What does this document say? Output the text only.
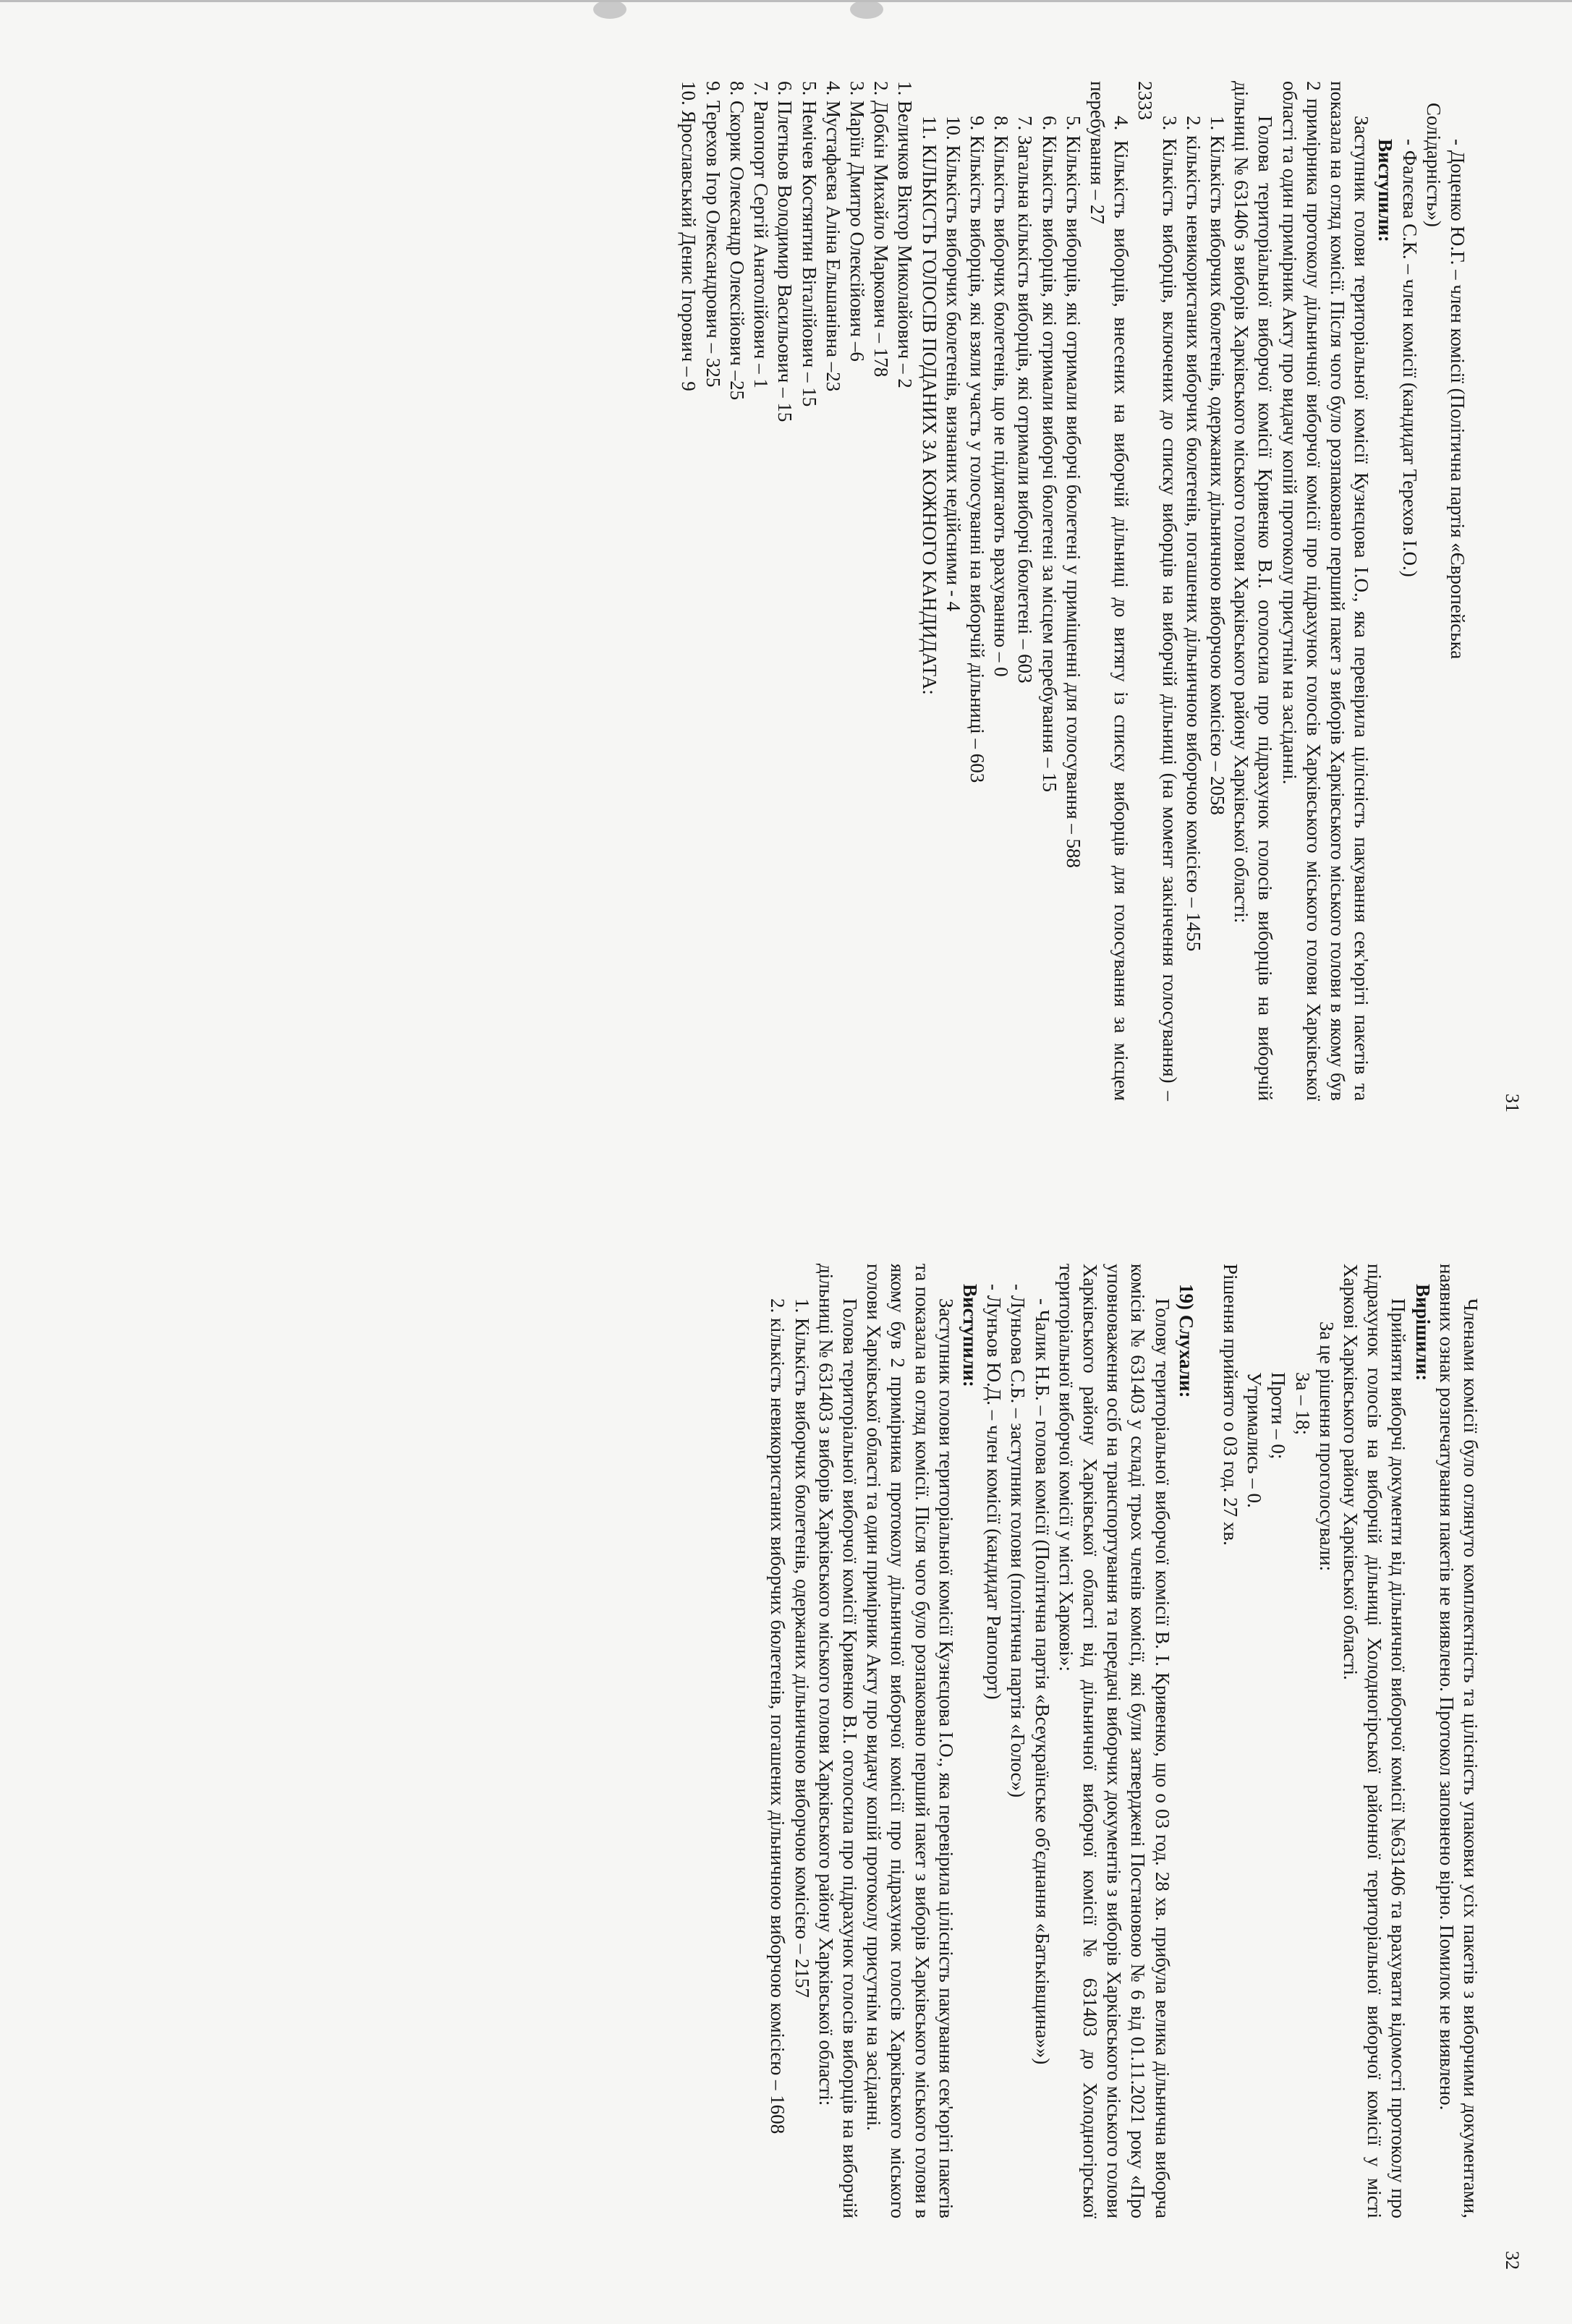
31

- Доценко Ю.Г. – член комісії (Політична партія «Європейська

Солідарність»)

- Фалєєва С.К. – член комісії (кандидат Терехов І.О.)

Виступили:

Заступник голови територіальної комісії Кузнєцова І.О., яка перевірила цілісність пакування сек'юріті пакетів та показала на огляд комісії. Після чого було розпаковано перший пакет з виборів Харківського міського голови в якому був 2 примірника протоколу дільничної виборчої комісії про підрахунок голосів Харківського міського голови Харківської області та один примірник Акту про видачу копій протоколу присутнім на засіданні.

Голова територіальної виборчої комісії Кривенко В.І. оголосила про підрахунок голосів виборців на виборчій дільниці № 631406 з виборів Харківського міського голови Харківського району Харківської області:

1. Кількість виборчих бюлетенів, одержаних дільничною виборчою комісією – 2058

2. кількість невикористаних виборчих бюлетенів, погашених дільничною виборчою комісією – 1455

3. Кількість виборців, включених до списку виборців на виборчій дільниці (на момент закінчення голосування) – 2333

4. Кількість виборців, внесених на виборчій дільниці до витягу із списку виборців для голосування за місцем перебування – 27

5. Кількість виборців, які отримали виборчі бюлетені у приміщенні для голосування – 588

6. Кількість виборців, які отримали виборчі бюлетені за місцем перебування – 15

7. Загальна кількість виборців, які отримали виборчі бюлетені – 603

8. Кількість виборчих бюлетенів, що не підлягають врахуванню – 0

9. Кількість виборців, які взяли участь у голосуванні на виборчій дільниці – 603

10. Кількість виборчих бюлетенів, визнаних недійсними - 4

11. КІЛЬКІСТЬ ГОЛОСІВ ПОДАНИХ ЗА КОЖНОГО КАНДИДАТА:

1. Величков Віктор Миколайович – 2

2. Добкін Михайло Маркович – 178

3. Маріїн Дмитро Олексійович –6

4. Мустафаєва Аліна Ельшанівна –23

5. Немічев Костянтин Віталійович – 15

6. Плетньов Володимир Васильович – 15

7. Рапопорт Сергій Анатолійович – 1

8. Скорик Олександр Олексійович –25

9. Терехов Ігор Олександрович – 325

10. Ярославський Денис Ігорович – 9

32

Членами комісії було оглянуто комплектність та цілісність упаковки усіх пакетів з виборчими документами, наявних ознак розпечатування пакетів не виявлено. Протокол заповнено вірно. Помилок не виявлено.

Вирішили:

Прийняти виборчі документи від дільничної виборчої комісії №631406 та врахувати відомості протоколу про підрахунок голосів на виборчій дільниці Холодногірської районної територіальної виборчої комісії у місті Харкові Харківського району Харківської області.

За це рішення проголосували:

За – 18;

Проти – 0;

Утримались – 0.

Рішення прийнято о 03 год. 27 хв.

19) Слухали:

Голову територіальної виборчої комісії В. І. Кривенко, що о 03 год. 28 хв. прибула велика дільнична виборча комісія № 631403 у складі трьох членів комісії, які були затверджені Постановою № 6 від 01.11.2021 року «Про уповноваження осіб на транспортування та передачі виборчих документів з виборів Харківського міського голови Харківського району Харківської області від дільничної виборчої комісії № 631403 до Холодногірської територіальної виборчої комісії у місті Харкові»:

- Чалик Н.Б. – голова комісії (Політична партія «Всеукраїнське об'єднання «Батьківщина»»)

- Луньова С.Б. – заступник голови (політична партія «Голос»)

- Лунъов Ю.Д. – член комісії (кандидат Рапопорт)

Виступили:

Заступник голови територіальної комісії Кузнєцова І.О., яка перевірила цілісність пакування сек'юріті пакетів та показала на огляд комісії. Після чого було розпаковано перший пакет з виборів Харківського міського голови в якому був 2 примірника протоколу дільничної виборчої комісії про підрахунок голосів Харківського міського голови Харківської області та один примірник Акту про видачу копій протоколу присутнім на засіданні.

Голова територіальної виборчої комісії Кривенко В.І. оголосила про підрахунок голосів виборців на виборчій дільниці № 631403 з виборів Харківського міського голови Харківського району Харківської області:

1. Кількість виборчих бюлетенів, одержаних дільничною виборчою комісією – 2157

2. кількість невикористаних виборчих бюлетенів, погашених дільничною виборчою комісією – 1608
